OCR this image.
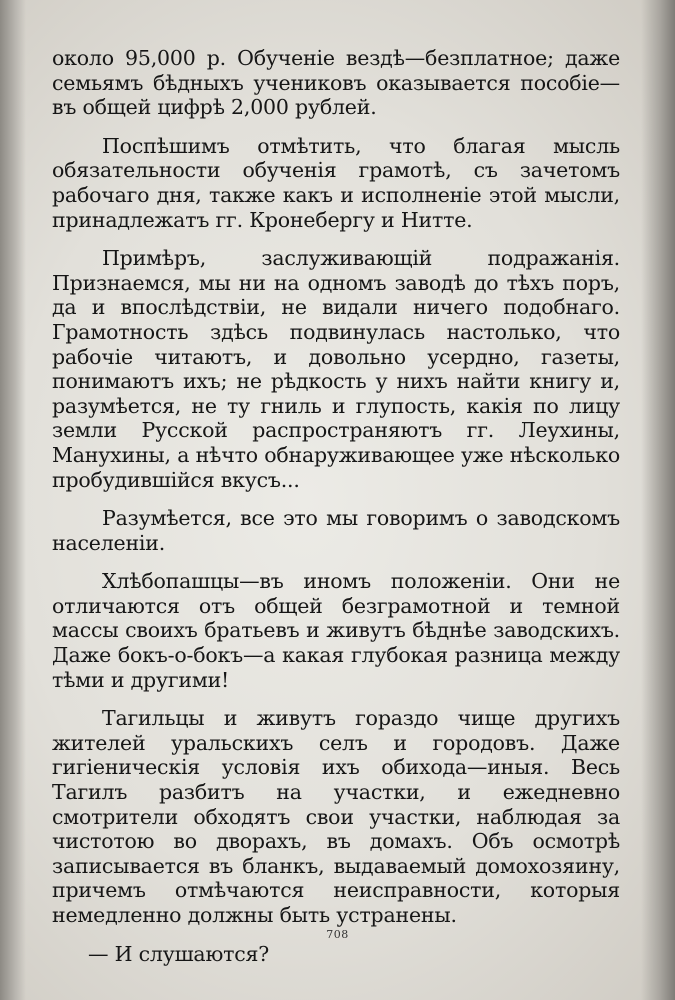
около 95,000 р. Обученіе вездѣ—безплатное; даже семьямъ бѣдныхъ учениковъ оказывается пособіе—въ общей цифрѣ 2,000 рублей.

Поспѣшимъ отмѣтить, что благая мысль обязательности обученія грамотѣ, съ зачетомъ рабочаго дня, также какъ и исполненіе этой мысли, принадлежатъ гг. Кронебергу и Нитте.

Примѣръ, заслуживающій подражанія. Признаемся, мы ни на одномъ заводѣ до тѣхъ поръ, да и впослѣдствіи, не видали ничего подобнаго. Грамотность здѣсь подвинулась настолько, что рабочіе читаютъ, и довольно усердно, газеты, понимаютъ ихъ; не рѣдкость у нихъ найти книгу и, разумѣется, не ту гниль и глупость, какія по лицу земли Русской распространяютъ гг. Леухины, Манухины, а нѣчто обнаруживающее уже нѣсколько пробудившійся вкусъ...

Разумѣется, все это мы говоримъ о заводскомъ населеніи.

Хлѣбопашцы—въ иномъ положеніи. Они не отличаются отъ общей безграмотной и темной массы своихъ братьевъ и живутъ бѣднѣе заводскихъ. Даже бокъ-о-бокъ—а какая глубокая разница между тѣми и другими!

Тагильцы и живутъ гораздо чище другихъ жителей уральскихъ селъ и городовъ. Даже гигіеническія условія ихъ обихода—иныя. Весь Тагилъ разбитъ на участки, и ежедневно смотрители обходятъ свои участки, наблюдая за чистотою во дворахъ, въ домахъ. Объ осмотрѣ записывается въ бланкъ, выдаваемый домохозяину, причемъ отмѣчаются неисправности, которыя немедленно должны быть устранены.

— И слушаются?

708
